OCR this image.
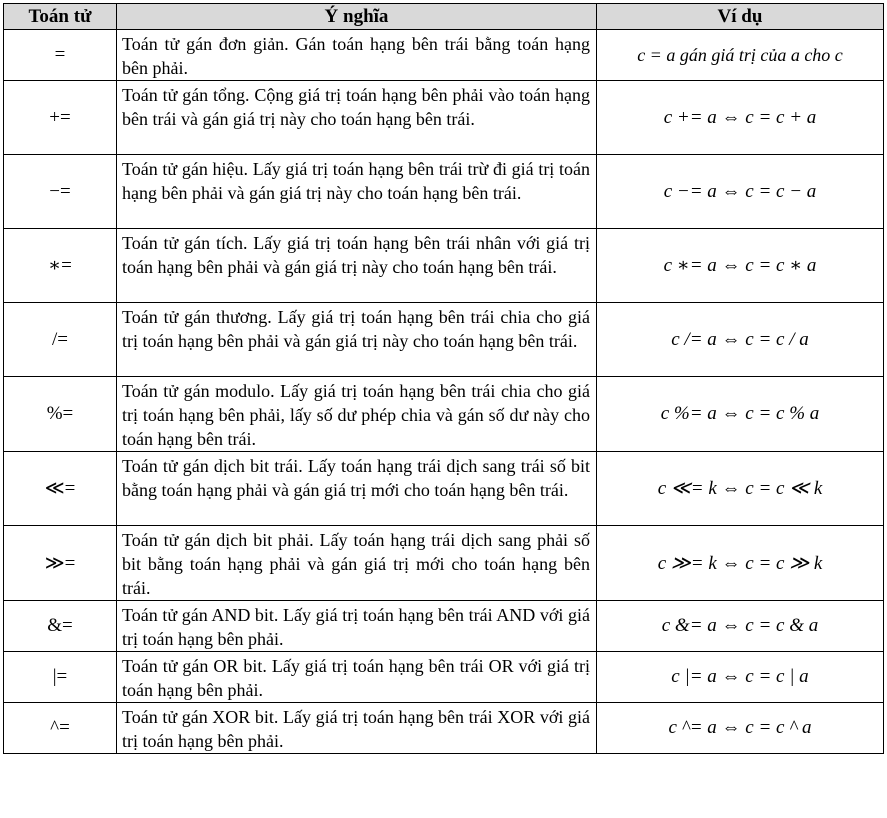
Toán tử	Ý nghĩa	Ví dụ
=	Toán tử gán đơn giản. Gán toán hạng bên trái bằng toán hạng bên phải.	c = a gán giá trị của a cho c
+=	Toán tử gán tổng. Cộng giá trị toán hạng bên phải vào toán hạng bên trái và gán giá trị này cho toán hạng bên trái.	c += a ⇔ c = c + a
−=	Toán tử gán hiệu. Lấy giá trị toán hạng bên trái trừ đi giá trị toán hạng bên phải và gán giá trị này cho toán hạng bên trái.	c −= a ⇔ c = c − a
∗=	Toán tử gán tích. Lấy giá trị toán hạng bên trái nhân với giá trị toán hạng bên phải và gán giá trị này cho toán hạng bên trái.	c ∗= a ⇔ c = c ∗ a
/=	Toán tử gán thương. Lấy giá trị toán hạng bên trái chia cho giá trị toán hạng bên phải và gán giá trị này cho toán hạng bên trái.	c /= a ⇔ c = c / a
%=	Toán tử gán modulo. Lấy giá trị toán hạng bên trái chia cho giá trị toán hạng bên phải, lấy số dư phép chia và gán số dư này cho toán hạng bên trái.	c %= a ⇔ c = c % a
≪=	Toán tử gán dịch bit trái. Lấy toán hạng trái dịch sang trái số bit bằng toán hạng phải và gán giá trị mới cho toán hạng bên trái.	c ≪= k ⇔ c = c ≪ k
≫=	Toán tử gán dịch bit phải. Lấy toán hạng trái dịch sang phải số bit bằng toán hạng phải và gán giá trị mới cho toán hạng bên trái.	c ≫= k ⇔ c = c ≫ k
&=	Toán tử gán AND bit. Lấy giá trị toán hạng bên trái AND với giá trị toán hạng bên phải.	c &= a ⇔ c = c & a
|=	Toán tử gán OR bit. Lấy giá trị toán hạng bên trái OR với giá trị toán hạng bên phải.	c |= a ⇔ c = c | a
^=	Toán tử gán XOR bit. Lấy giá trị toán hạng bên trái XOR với giá trị toán hạng bên phải.	c ^= a ⇔ c = c ^ a
